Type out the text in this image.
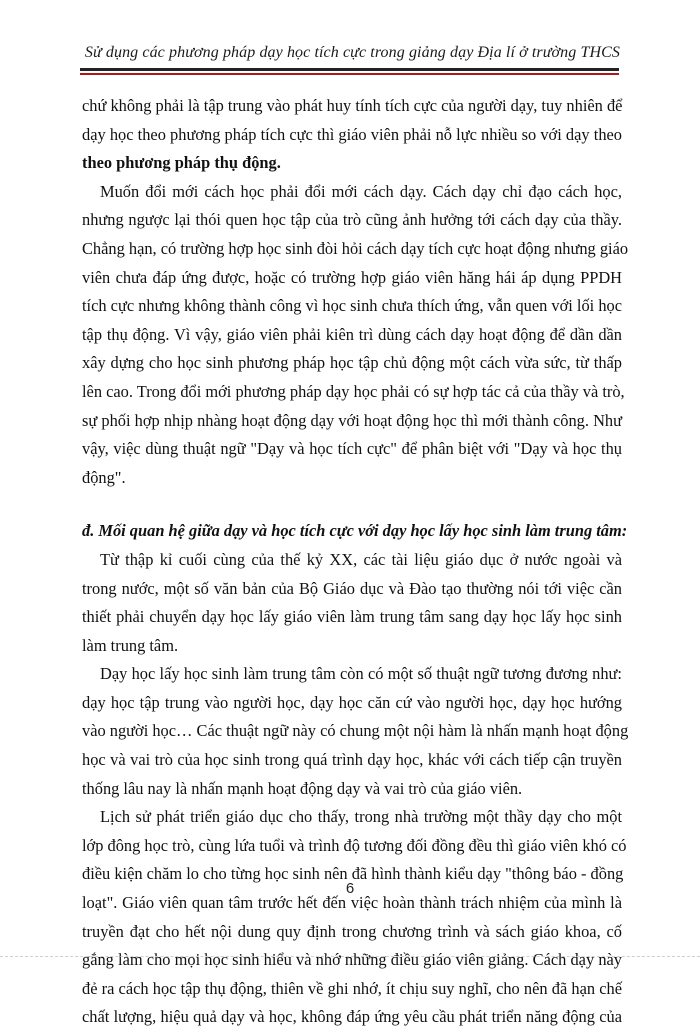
Sử dụng các phương pháp dạy học tích cực trong giảng dạy Địa lí ở trường THCS
chứ không phải là tập trung vào phát huy tính tích cực của người dạy, tuy nhiên để
dạy học theo phương pháp tích cực thì giáo viên phải nỗ lực nhiều so với dạy theo
theo phương pháp thụ động.
Muốn đổi mới cách học phải đổi mới cách dạy. Cách dạy chỉ đạo cách học,
nhưng ngược lại thói quen học tập của trò cũng ảnh hưởng tới cách dạy của thầy.
Chẳng hạn, có trường hợp học sinh đòi hỏi cách dạy tích cực hoạt động nhưng giáo
viên chưa đáp ứng được, hoặc có trường hợp giáo viên hăng hái áp dụng PPDH
tích cực nhưng không thành công vì học sinh chưa thích ứng, vẫn quen với lối học
tập thụ động. Vì vậy, giáo viên phải kiên trì dùng cách dạy hoạt động để dần dần
xây dựng cho học sinh phương pháp học tập chủ động một cách vừa sức, từ thấp
lên cao. Trong đổi mới phương pháp dạy học phải có sự hợp tác cả của thầy và trò,
sự phối hợp nhịp nhàng hoạt động dạy với hoạt động học thì mới thành công. Như
vậy, việc dùng thuật ngữ "Dạy và học tích cực" để phân biệt với "Dạy và học thụ
động".
đ. Mối quan hệ giữa dạy và học tích cực với dạy học lấy học sinh làm trung tâm:
Từ thập kỉ cuối cùng của thế kỷ XX, các tài liệu giáo dục ở nước ngoài và
trong nước, một số văn bản của Bộ Giáo dục và Đào tạo thường nói tới việc cần
thiết phải chuyển dạy học lấy giáo viên làm trung tâm sang dạy học lấy học sinh
làm trung tâm.
Dạy học lấy học sinh làm trung tâm còn có một số thuật ngữ tương đương như:
dạy học tập trung vào người học, dạy học căn cứ vào người học, dạy học hướng
vào người học… Các thuật ngữ này có chung một nội hàm là nhấn mạnh hoạt động
học và vai trò của học sinh trong quá trình dạy học, khác với cách tiếp cận truyền
thống lâu nay là nhấn mạnh hoạt động dạy và vai trò của giáo viên.
Lịch sử phát triển giáo dục cho thấy, trong nhà trường một thầy dạy cho một
lớp đông học trò, cùng lứa tuổi và trình độ tương đối đồng đều thì giáo viên khó có
điều kiện chăm lo cho từng học sinh nên đã hình thành kiểu dạy "thông báo - đồng
loạt". Giáo viên quan tâm trước hết đến việc hoàn thành trách nhiệm của mình là
truyền đạt cho hết nội dung quy định trong chương trình và sách giáo khoa, cố
gắng làm cho mọi học sinh hiểu và nhớ những điều giáo viên giảng. Cách dạy này
đẻ ra cách học tập thụ động, thiên về ghi nhớ, ít chịu suy nghĩ, cho nên đã hạn chế
chất lượng, hiệu quả dạy và học, không đáp ứng yêu cầu phát triển năng động của
6
